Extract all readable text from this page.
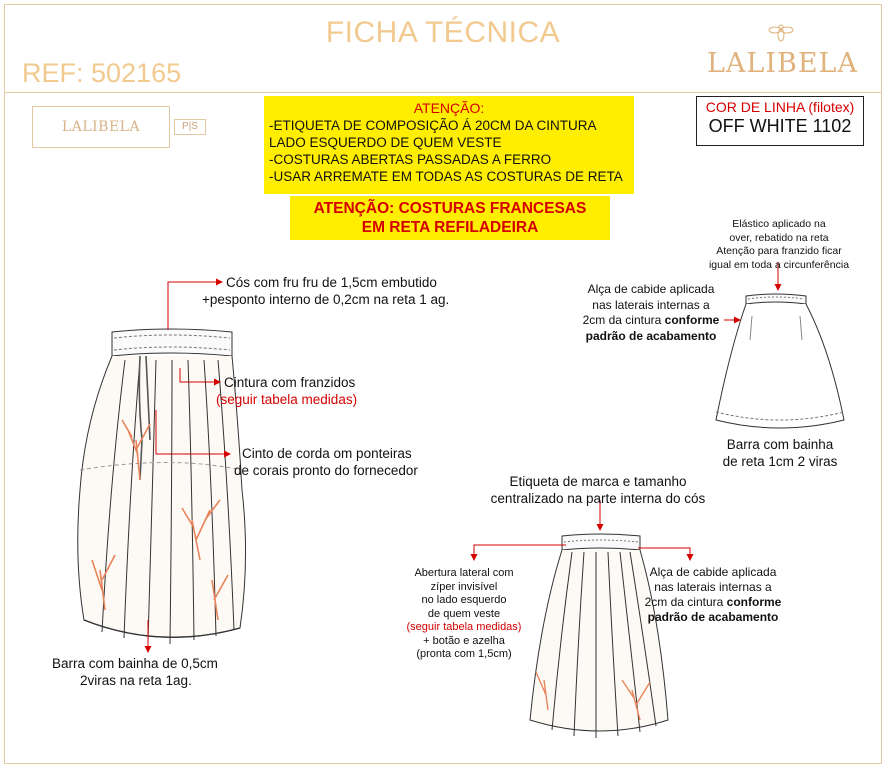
FICHA TÉCNICA
REF: 502165	LALIBELA
LALIBELA	P|S
ATENÇÃO:
-ETIQUETA DE COMPOSIÇÃO Á 20CM DA CINTURA
LADO ESQUERDO DE QUEM VESTE
-COSTURAS ABERTAS PASSADAS A FERRO
-USAR ARREMATE EM TODAS AS COSTURAS DE RETA
ATENÇÃO: COSTURAS FRANCESAS
EM RETA REFILADEIRA
COR DE LINHA (filotex)
OFF WHITE 1102
Cós com fru fru de 1,5cm embutido
+pesponto interno de 0,2cm na reta 1 ag.
Cintura com franzidos
(seguir tabela medidas)
Cinto de corda om ponteiras
de corais pronto do fornecedor
Barra com bainha de 0,5cm
2viras na reta 1ag.
Elástico aplicado na
over, rebatido na reta
Atenção para franzido ficar
igual em toda a circunferência
Alça de cabide aplicada
nas laterais internas a
2cm da cintura conforme
padrão de acabamento
Barra com bainha
de reta 1cm 2 viras
Etiqueta de marca e tamanho
centralizado na parte interna do cós
Abertura lateral com
zíper invisível
no lado esquerdo
de quem veste
(seguir tabela medidas)
+ botão e azelha
(pronta com 1,5cm)
Alça de cabide aplicada
nas laterais internas a
2cm da cintura conforme
padrão de acabamento
